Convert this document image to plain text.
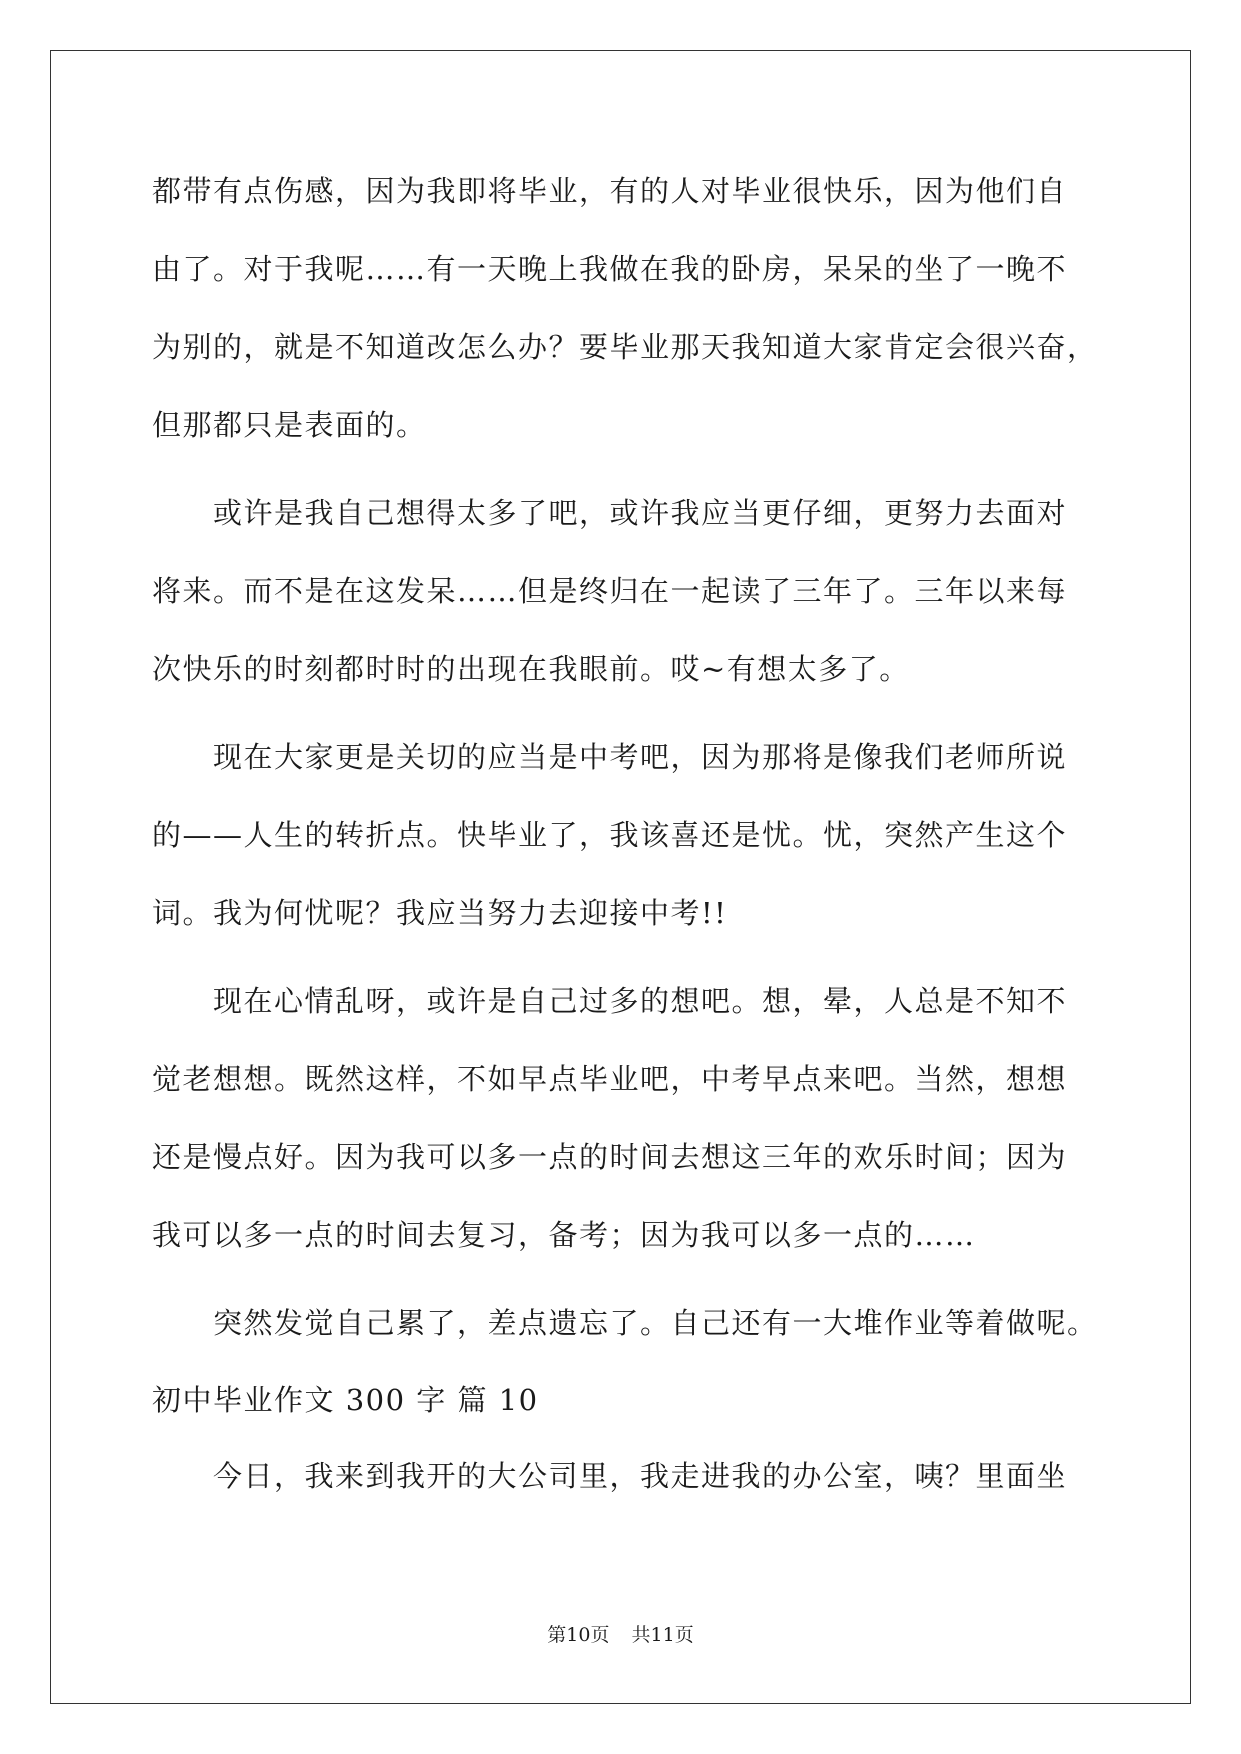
都带有点伤感，因为我即将毕业，有的人对毕业很快乐，因为他们自
由了。对于我呢……有一天晚上我做在我的卧房，呆呆的坐了一晚不
为别的，就是不知道改怎么办？要毕业那天我知道大家肯定会很兴奋，
但那都只是表面的。
　　或许是我自己想得太多了吧，或许我应当更仔细，更努力去面对
将来。而不是在这发呆……但是终归在一起读了三年了。三年以来每
次快乐的时刻都时时的出现在我眼前。哎~有想太多了。
　　现在大家更是关切的应当是中考吧，因为那将是像我们老师所说
的——人生的转折点。快毕业了，我该喜还是忧。忧，突然产生这个
词。我为何忧呢？我应当努力去迎接中考!!
　　现在心情乱呀，或许是自己过多的想吧。想，晕，人总是不知不
觉老想想。既然这样，不如早点毕业吧，中考早点来吧。当然，想想
还是慢点好。因为我可以多一点的时间去想这三年的欢乐时间；因为
我可以多一点的时间去复习，备考；因为我可以多一点的……
　　突然发觉自己累了，差点遗忘了。自己还有一大堆作业等着做呢。
初中毕业作文 300 字 篇 10
　　今日，我来到我开的大公司里，我走进我的办公室，咦？里面坐
第10页 共11页
